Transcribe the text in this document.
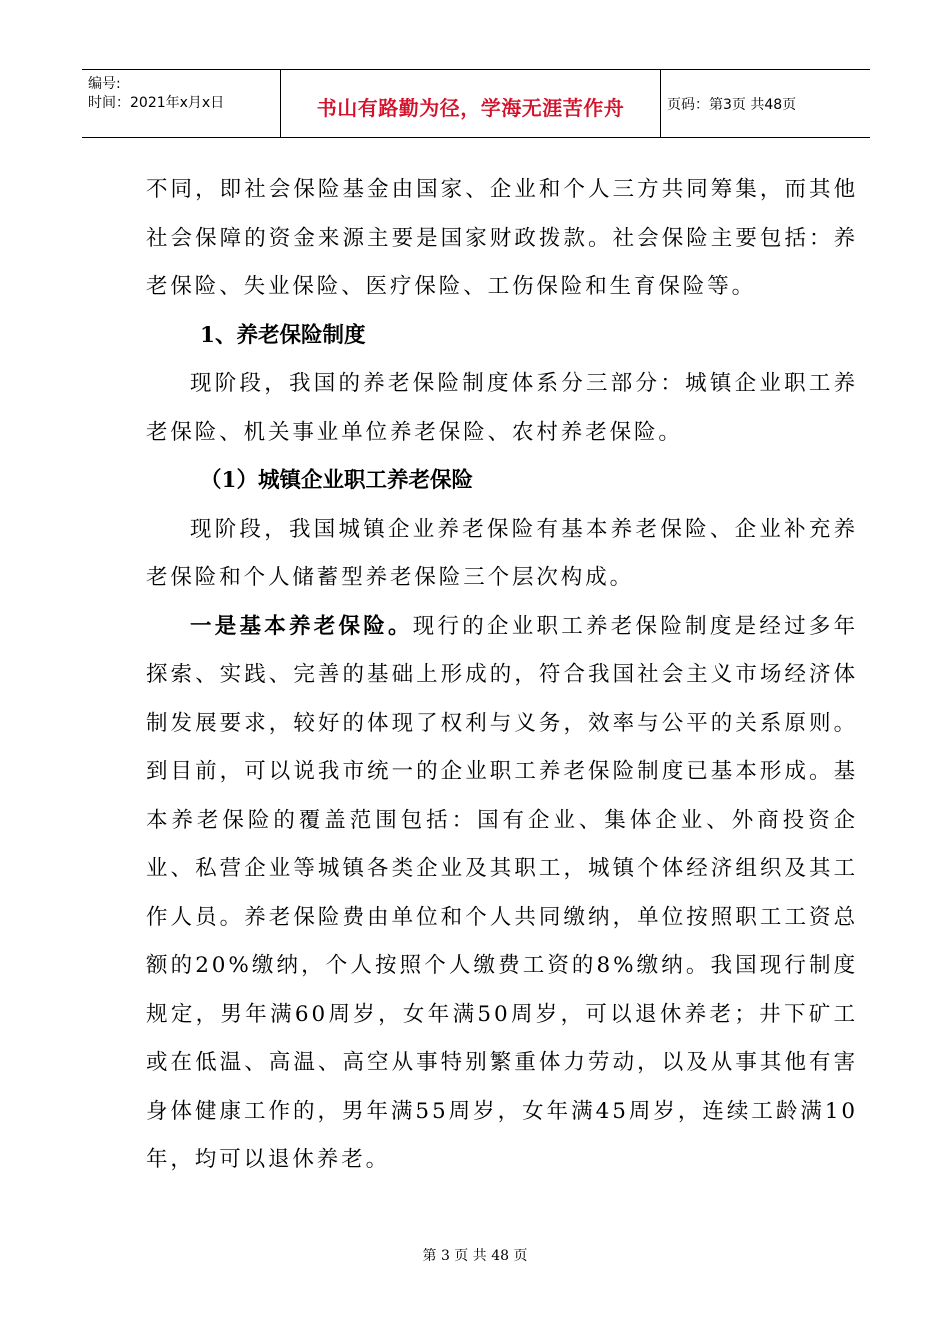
编号:
时间：2021年x月x日	书山有路勤为径，学海无涯苦作舟	页码：第3页 共48页

不同，即社会保险基金由国家、企业和个人三方共同筹集，而其他社会保障的资金来源主要是国家财政拨款。社会保险主要包括：养老保险、失业保险、医疗保险、工伤保险和生育保险等。

1、养老保险制度

现阶段，我国的养老保险制度体系分三部分：城镇企业职工养老保险、机关事业单位养老保险、农村养老保险。

（1）城镇企业职工养老保险

现阶段，我国城镇企业养老保险有基本养老保险、企业补充养老保险和个人储蓄型养老保险三个层次构成。

一是基本养老保险。现行的企业职工养老保险制度是经过多年探索、实践、完善的基础上形成的，符合我国社会主义市场经济体制发展要求，较好的体现了权利与义务，效率与公平的关系原则。到目前，可以说我市统一的企业职工养老保险制度已基本形成。基本养老保险的覆盖范围包括：国有企业、集体企业、外商投资企业、私营企业等城镇各类企业及其职工，城镇个体经济组织及其工作人员。养老保险费由单位和个人共同缴纳，单位按照职工工资总额的20%缴纳，个人按照个人缴费工资的8%缴纳。我国现行制度规定，男年满60周岁，女年满50周岁，可以退休养老；井下矿工或在低温、高温、高空从事特别繁重体力劳动，以及从事其他有害身体健康工作的，男年满55周岁，女年满45周岁，连续工龄满10年，均可以退休养老。

第 3 页 共 48 页
